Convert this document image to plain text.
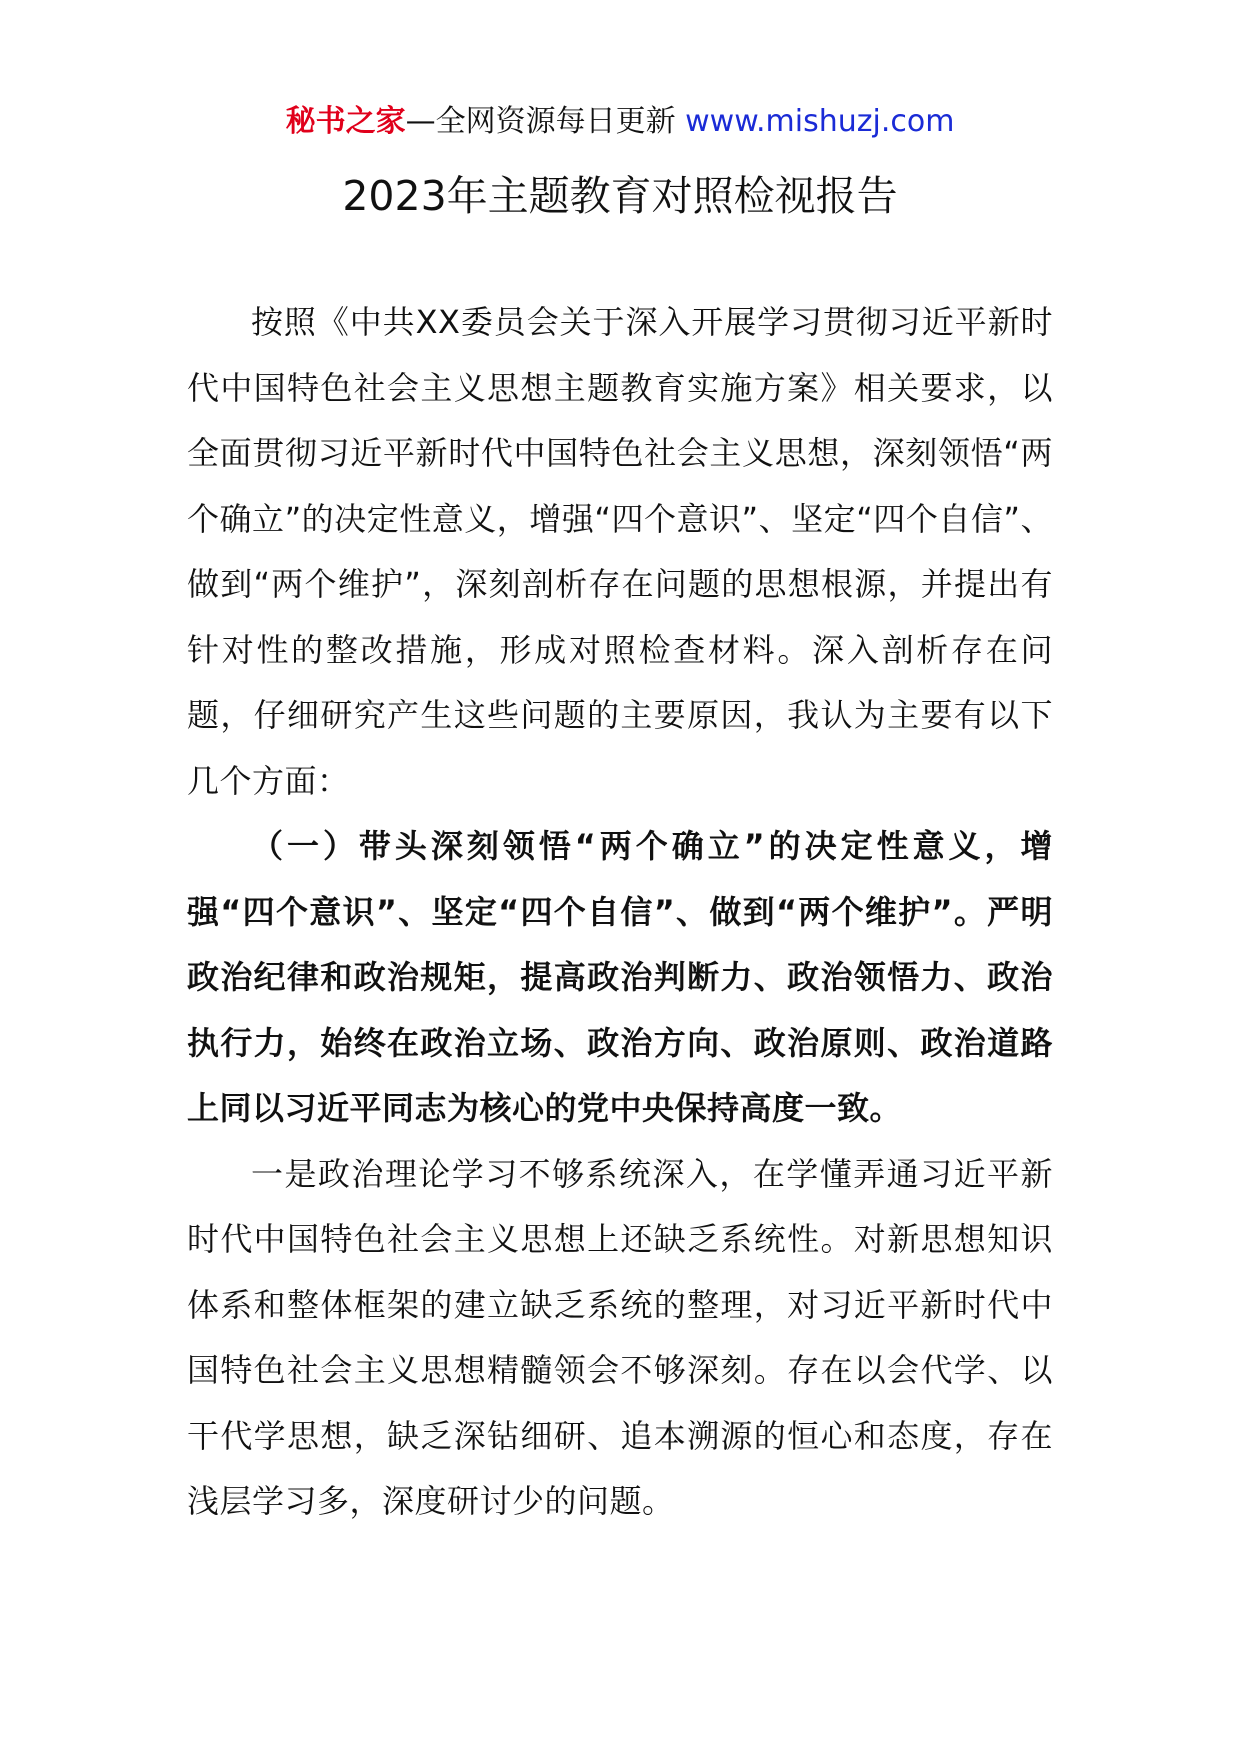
秘书之家—全网资源每日更新 www.mishuzj.com
2023年主题教育对照检视报告

按照《中共XX委员会关于深入开展学习贯彻习近平新时代中国特色社会主义思想主题教育实施方案》相关要求，以全面贯彻习近平新时代中国特色社会主义思想，深刻领悟“两个确立”的决定性意义，增强“四个意识”、坚定“四个自信”、做到“两个维护”，深刻剖析存在问题的思想根源，并提出有针对性的整改措施，形成对照检查材料。深入剖析存在问题，仔细研究产生这些问题的主要原因，我认为主要有以下几个方面：

（一）带头深刻领悟“两个确立”的决定性意义，增强“四个意识”、坚定“四个自信”、做到“两个维护”。严明政治纪律和政治规矩，提高政治判断力、政治领悟力、政治执行力，始终在政治立场、政治方向、政治原则、政治道路上同以习近平同志为核心的党中央保持高度一致。

一是政治理论学习不够系统深入，在学懂弄通习近平新时代中国特色社会主义思想上还缺乏系统性。对新思想知识体系和整体框架的建立缺乏系统的整理，对习近平新时代中国特色社会主义思想精髓领会不够深刻。存在以会代学、以干代学思想，缺乏深钻细研、追本溯源的恒心和态度，存在浅层学习多，深度研讨少的问题。
